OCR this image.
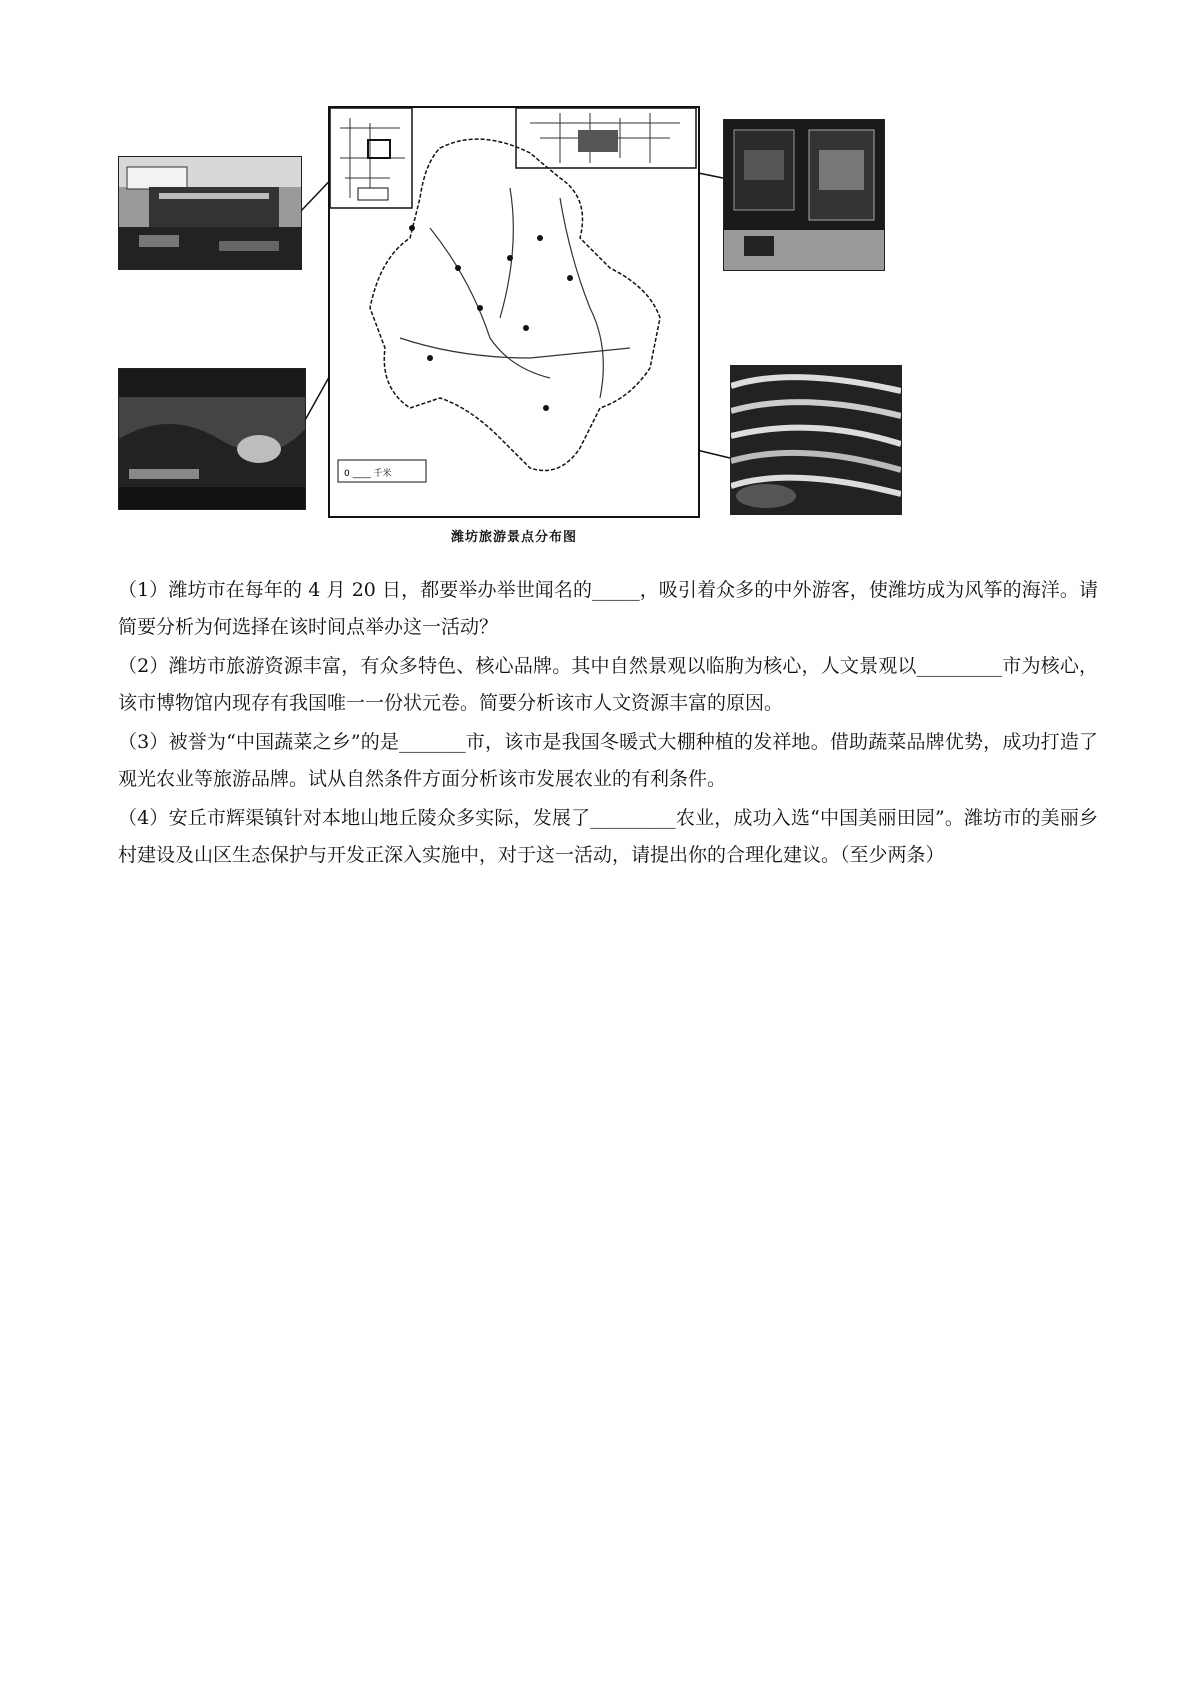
0 ____ 千米
潍坊旅游景点分布图

（1）潍坊市在每年的 4 月 20 日，都要举办举世闻名的_____，吸引着众多的中外游客，使潍坊成为风筝的海洋。请简要分析为何选择在该时间点举办这一活动？

（2）潍坊市旅游资源丰富，有众多特色、核心品牌。其中自然景观以临朐为核心，人文景观以_________市为核心，该市博物馆内现存有我国唯一一份状元卷。简要分析该市人文资源丰富的原因。

（3）被誉为“中国蔬菜之乡”的是_______市，该市是我国冬暖式大棚种植的发祥地。借助蔬菜品牌优势，成功打造了观光农业等旅游品牌。试从自然条件方面分析该市发展农业的有利条件。

（4）安丘市辉渠镇针对本地山地丘陵众多实际，发展了_________农业，成功入选“中国美丽田园”。潍坊市的美丽乡村建设及山区生态保护与开发正深入实施中，对于这一活动，请提出你的合理化建议。（至少两条）
